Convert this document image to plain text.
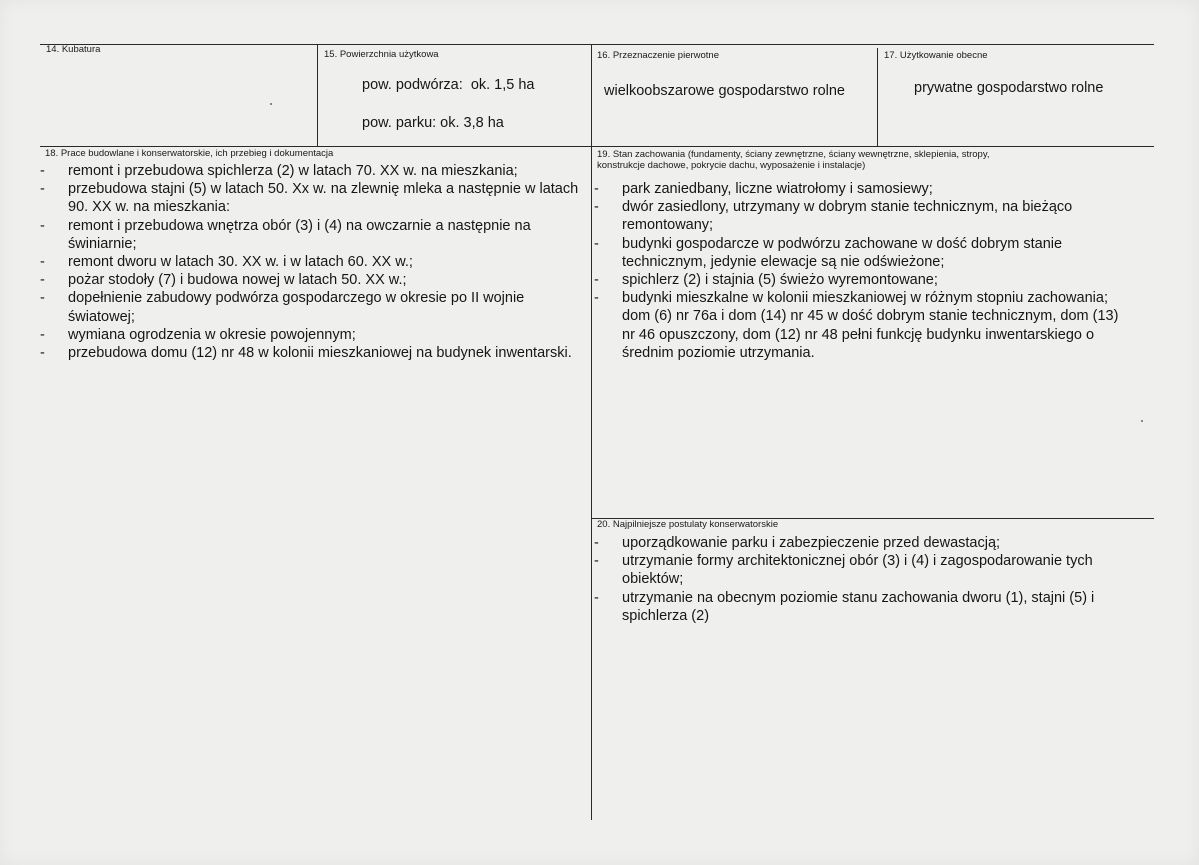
14. Kubatura	15. Powierzchnia użytkowa
pow. podwórza:  ok. 1,5 ha
pow. parku: ok. 3,8 ha
16. Przeznaczenie pierwotne
wielkoobszarowe gospodarstwo rolne
17. Użytkowanie obecne
prywatne gospodarstwo rolne
18. Prace budowlane i konserwatorskie, ich przebieg i dokumentacja
- remont i przebudowa spichlerza (2) w latach 70. XX w. na mieszkania;
- przebudowa stajni (5) w latach 50. Xx w. na zlewnię mleka a następnie w latach 90. XX w. na mieszkania:
- remont i przebudowa wnętrza obór (3) i (4) na owczarnie a następnie na świniarnie;
- remont dworu w latach 30. XX w. i w latach 60. XX w.;
- pożar stodoły (7) i budowa nowej w latach 50. XX w.;
- dopełnienie zabudowy podwórza gospodarczego w okresie po II wojnie światowej;
- wymiana ogrodzenia w okresie powojennym;
- przebudowa domu (12) nr 48 w kolonii mieszkaniowej na budynek inwentarski.
19. Stan zachowania (fundamenty, ściany zewnętrzne, ściany wewnętrzne, sklepienia, stropy,
konstrukcje dachowe, pokrycie dachu, wyposażenie i instalacje)
- park zaniedbany, liczne wiatrołomy i samosiewy;
- dwór zasiedlony, utrzymany w dobrym stanie technicznym, na bieżąco remontowany;
- budynki gospodarcze w podwórzu zachowane w dość dobrym stanie technicznym, jedynie elewacje są nie odświeżone;
- spichlerz (2) i stajnia (5) świeżo wyremontowane;
- budynki mieszkalne w kolonii mieszkaniowej w różnym stopniu zachowania; dom (6) nr 76a i dom (14) nr 45 w dość dobrym stanie technicznym, dom (13) nr 46 opuszczony, dom (12) nr 48 pełni funkcję budynku inwentarskiego o średnim poziomie utrzymania.
20. Najpilniejsze postulaty konserwatorskie
- uporządkowanie parku i zabezpieczenie przed dewastacją;
- utrzymanie formy architektonicznej obór (3) i (4) i zagospodarowanie tych obiektów;
- utrzymanie na obecnym poziomie stanu zachowania dworu (1), stajni (5) i spichlerza (2)
